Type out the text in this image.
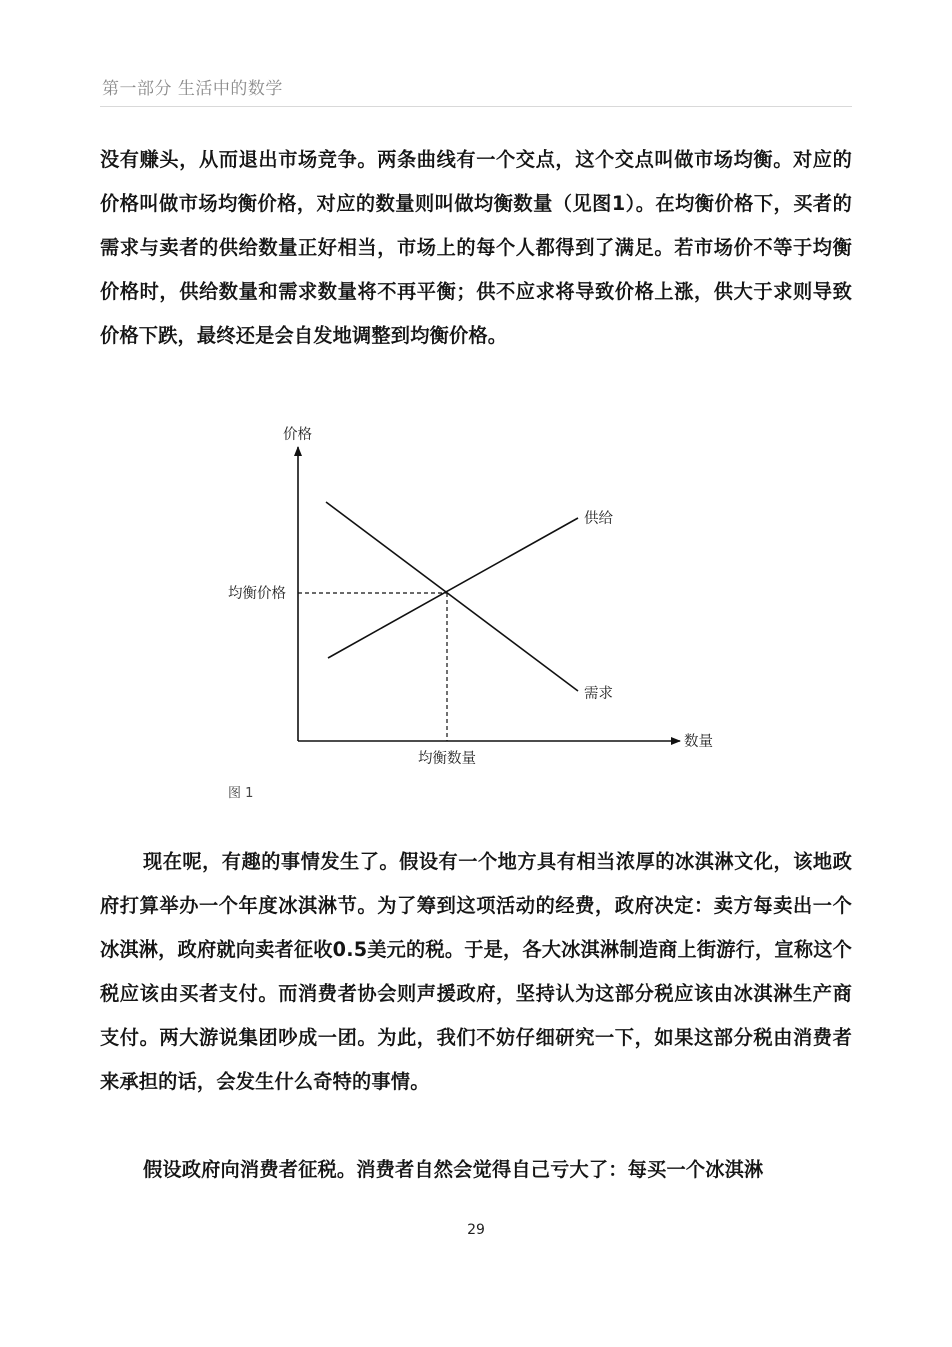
第一部分 生活中的数学

没有赚头，从而退出市场竞争。两条曲线有一个交点，这个交点叫做市场均衡。对应的价格叫做市场均衡价格，对应的数量则叫做均衡数量（见图1）。在均衡价格下，买者的需求与卖者的供给数量正好相当，市场上的每个人都得到了满足。若市场价不等于均衡价格时，供给数量和需求数量将不再平衡；供不应求将导致价格上涨，供大于求则导致价格下跌，最终还是会自发地调整到均衡价格。

价格
数量
供给
需求
均衡价格
均衡数量
图 1

现在呢，有趣的事情发生了。假设有一个地方具有相当浓厚的冰淇淋文化，该地政府打算举办一个年度冰淇淋节。为了筹到这项活动的经费，政府决定：卖方每卖出一个冰淇淋，政府就向卖者征收0.5美元的税。于是，各大冰淇淋制造商上街游行，宣称这个税应该由买者支付。而消费者协会则声援政府，坚持认为这部分税应该由冰淇淋生产商支付。两大游说集团吵成一团。为此，我们不妨仔细研究一下，如果这部分税由消费者来承担的话，会发生什么奇特的事情。

假设政府向消费者征税。消费者自然会觉得自己亏大了：每买一个冰淇淋

29
